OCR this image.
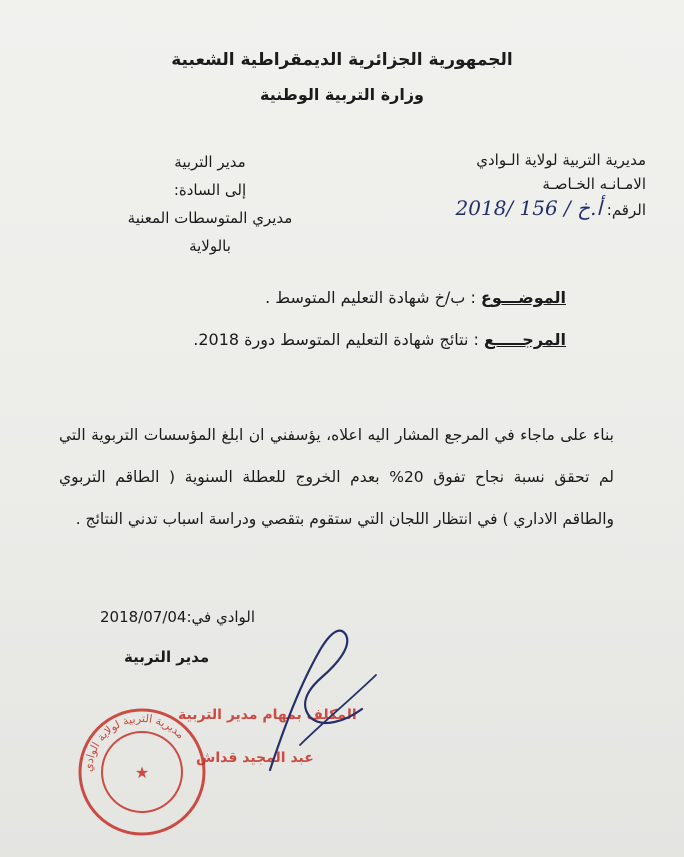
الجمهورية الجزائرية الديمقراطية الشعبية

وزارة التربية الوطنية

مديرية التربية لولاية الـوادي
الامـانـه الخـاصـة
الرقم: 2018/ أ.خ / 156
مدير التربية
إلى السادة:
مديري المتوسطات المعنية
بالولاية
الموضـــوع : ب/خ شهادة التعليم المتوسط .
المرجـــــع : نتائج شهادة التعليم المتوسط دورة 2018.

بناء على ماجاء في المرجع المشار اليه اعلاه، يؤسفني ان ابلغ المؤسسات التربوية التي لم تحقق نسبة نجاح تفوق 20% بعدم الخروج للعطلة السنوية ( الطاقم التربوي والطاقم الاداري ) في انتظار اللجان التي ستقوم بتقصي ودراسة اسباب تدني النتائج .

الوادي في:2018/07/04
مدير التربية
مديرية التربية لولاية الوادي
★
المكلف بمهام مدير التربية
عبد المجيد قداش
